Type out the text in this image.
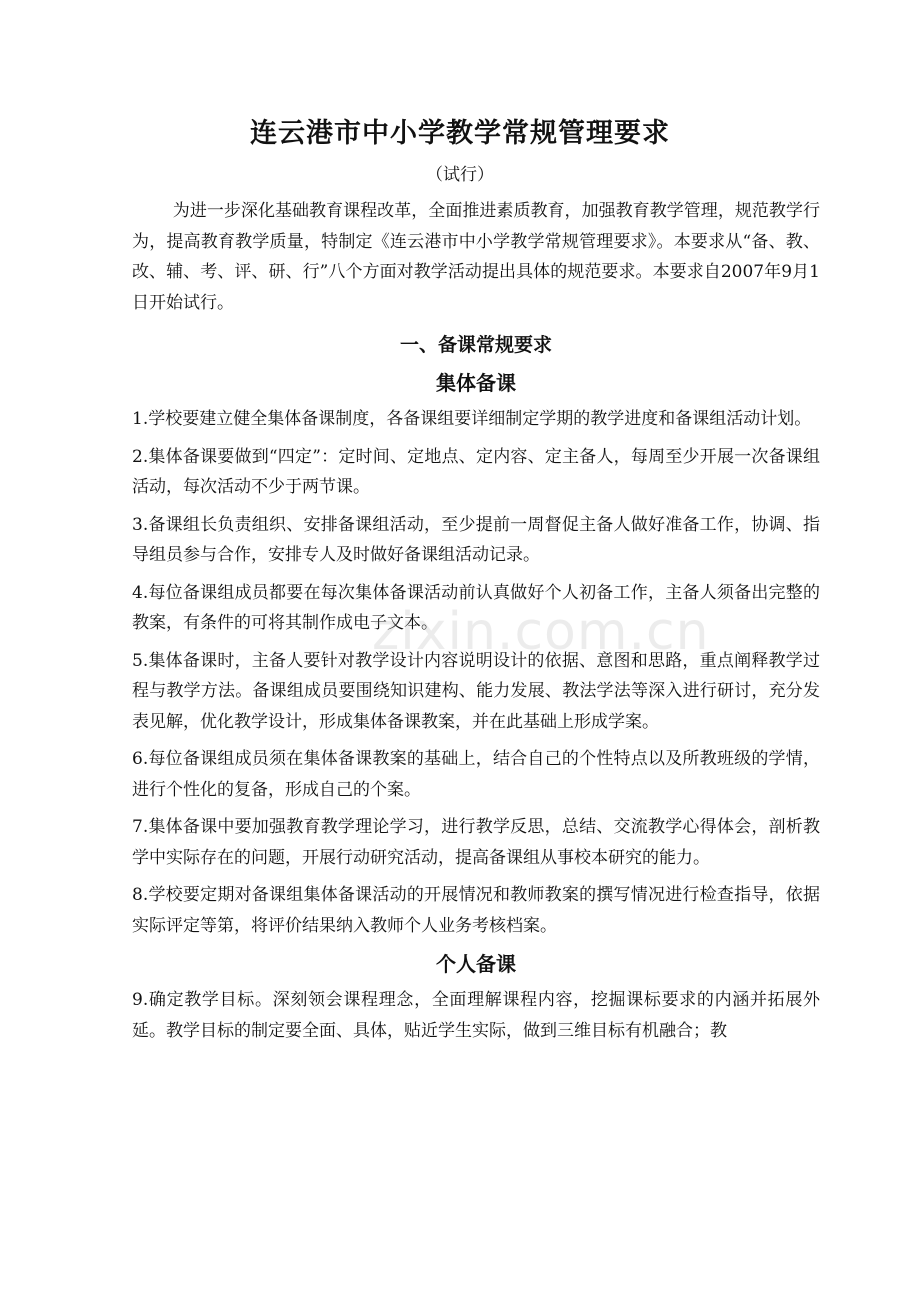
连云港市中小学教学常规管理要求
（试行）

为进一步深化基础教育课程改革，全面推进素质教育，加强教育教学管理，规范教学行为，提高教育教学质量，特制定《连云港市中小学教学常规管理要求》。本要求从“备、教、改、辅、考、评、研、行”八个方面对教学活动提出具体的规范要求。本要求自2007年9月1日开始试行。

一、备课常规要求
集体备课

1.学校要建立健全集体备课制度，各备课组要详细制定学期的教学进度和备课组活动计划。

2.集体备课要做到“四定”：定时间、定地点、定内容、定主备人，每周至少开展一次备课组活动，每次活动不少于两节课。

3.备课组长负责组织、安排备课组活动，至少提前一周督促主备人做好准备工作，协调、指导组员参与合作，安排专人及时做好备课组活动记录。

4.每位备课组成员都要在每次集体备课活动前认真做好个人初备工作，主备人须备出完整的教案，有条件的可将其制作成电子文本。

5.集体备课时，主备人要针对教学设计内容说明设计的依据、意图和思路，重点阐释教学过程与教学方法。备课组成员要围绕知识建构、能力发展、教法学法等深入进行研讨，充分发表见解，优化教学设计，形成集体备课教案，并在此基础上形成学案。

6.每位备课组成员须在集体备课教案的基础上，结合自己的个性特点以及所教班级的学情，进行个性化的复备，形成自己的个案。

7.集体备课中要加强教育教学理论学习，进行教学反思，总结、交流教学心得体会，剖析教学中实际存在的问题，开展行动研究活动，提高备课组从事校本研究的能力。

8.学校要定期对备课组集体备课活动的开展情况和教师教案的撰写情况进行检查指导，依据实际评定等第，将评价结果纳入教师个人业务考核档案。

个人备课

9.确定教学目标。深刻领会课程理念，全面理解课程内容，挖掘课标要求的内涵并拓展外延。教学目标的制定要全面、具体，贴近学生实际，做到三维目标有机融合；教

zixin.com.cn
